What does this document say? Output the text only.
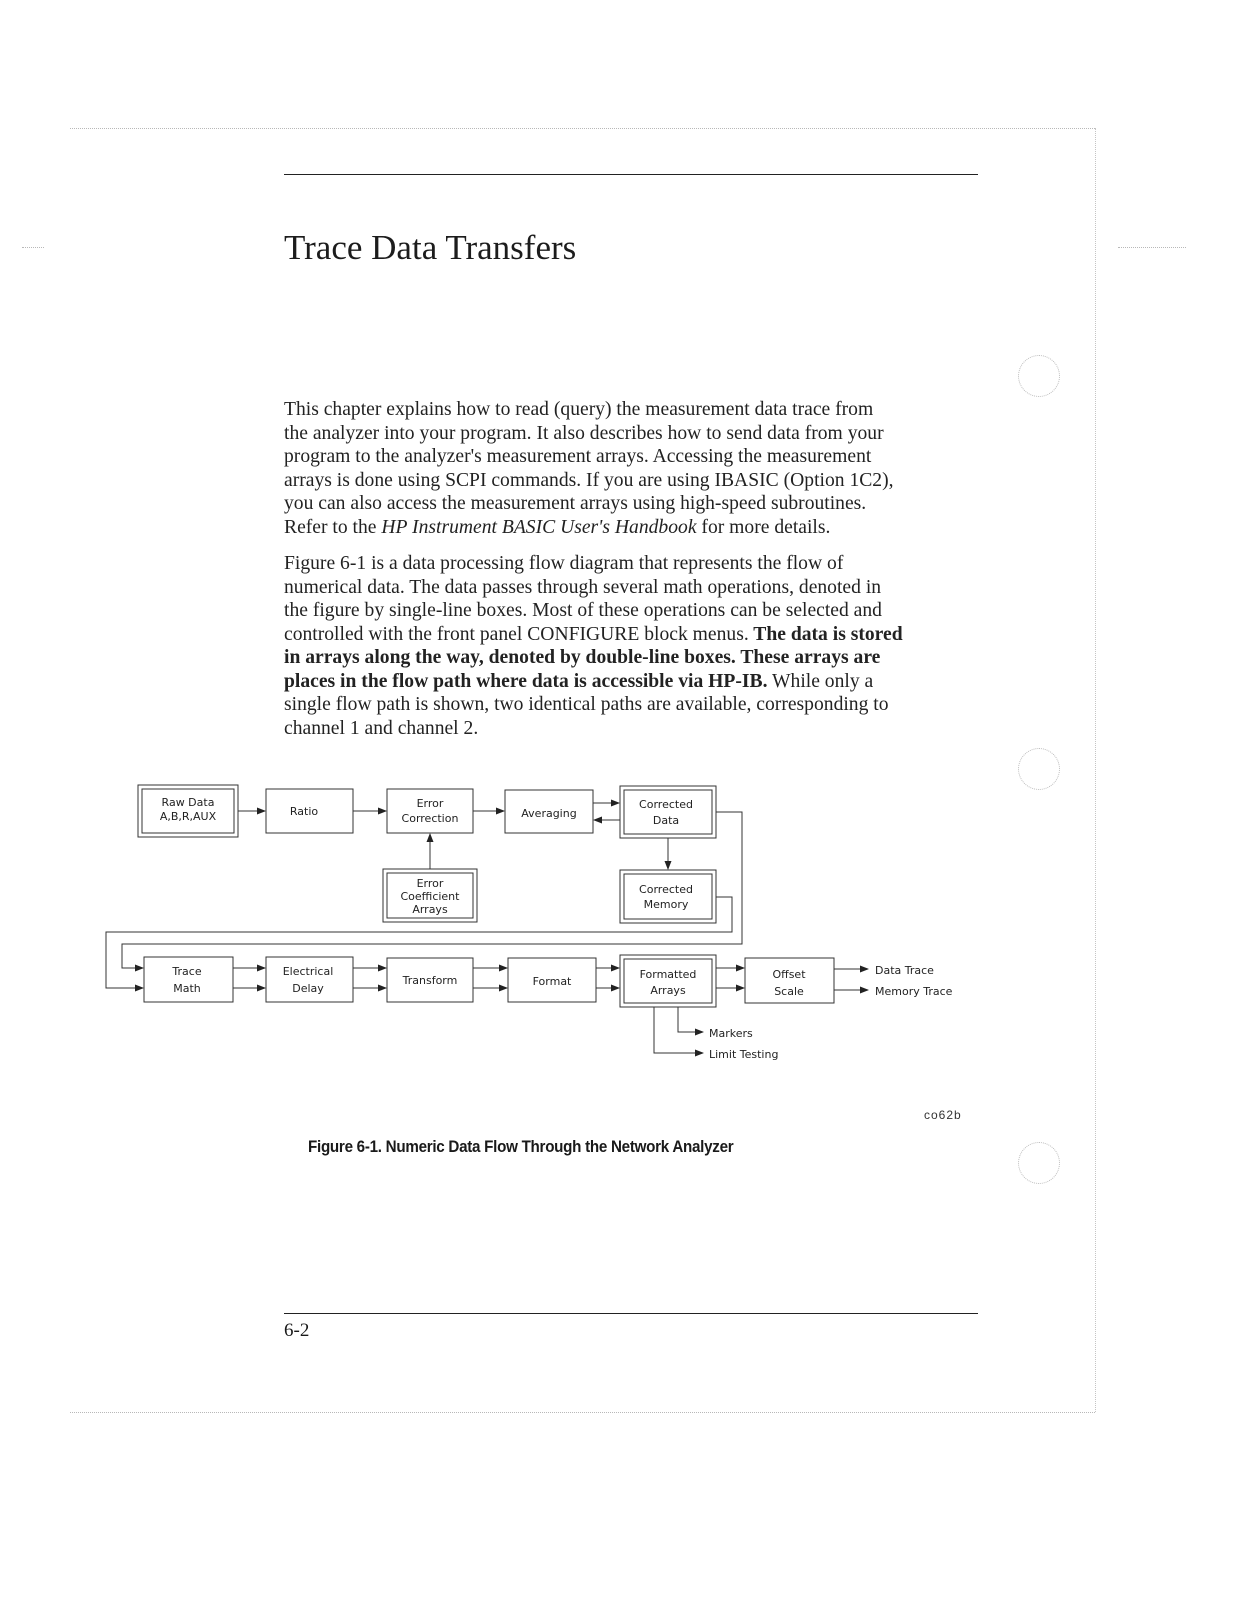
Trace Data Transfers
This chapter explains how to read (query) the measurement data trace from
the analyzer into your program. It also describes how to send data from your
program to the analyzer's measurement arrays. Accessing the measurement
arrays is done using SCPI commands. If you are using IBASIC (Option 1C2),
you can also access the measurement arrays using high-speed subroutines.
Refer to the HP Instrument BASIC User's Handbook for more details.
Figure 6-1 is a data processing flow diagram that represents the flow of
numerical data. The data passes through several math operations, denoted in
the figure by single-line boxes. Most of these operations can be selected and
controlled with the front panel CONFIGURE block menus. The data is stored
in arrays along the way, denoted by double-line boxes. These arrays are
places in the flow path where data is accessible via HP-IB. While only a
single flow path is shown, two identical paths are available, corresponding to
channel 1 and channel 2.
Raw Data
A,B,R,AUX	Ratio
Error
Correction	Averaging
Corrected
Data
Error
Coefficient
Arrays
Corrected
Memory
Trace
Math
Electrical
Delay
Transform	Format
Formatted
Arrays
Offset
Scale
Data Trace
Memory Trace
Markers
Limit Testing
co62b
Figure 6-1. Numeric Data Flow Through the Network Analyzer
6-2
